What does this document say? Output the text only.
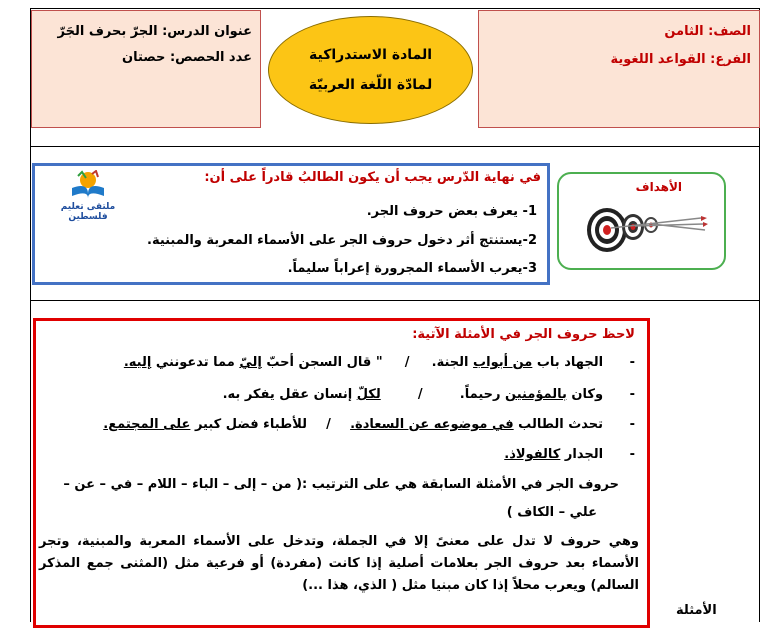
الصف: الثامن
الفرع: القواعد اللغوية
المادة الاستدراكية
لمادّة اللّغة العربيّة
عنوان الدرس: الجرّ بحرف الجَرّ
عدد الحصص: حصتان
الأهداف
ملتقى تعليم فلسطين
في نهاية الدّرس يجب أن يكون الطالبُ قادراً على أن:
1- يعرف بعض حروف الجر.
2-يستنتج أثر دخول حروف الجر على الأسماء المعربة والمبنية.
3-يعرب الأسماء المجرورة إعراباً سليماً.
لاحظ حروف الجر في الأمثلة الآتية:
- الجهاد باب من أبواب الجنة. / " قال السجن أحبّ إليّ مما تدعونني إليه.
- وكان بالمؤمنين رحيماً. / لكلّ إنسان عقل يفكر به.
- تحدث الطالب في موضوعه عن السعادة. / للأطباء فضل كبير على المجتمع.
- الجدار كالفولاذ.
حروف الجر في الأمثلة السابقة هي على الترتيب :( من – إلى – الباء – اللام – في – عن –
علي – الكاف )
وهي حروف لا تدل على معنىً إلا في الجملة، وتدخل على الأسماء المعربة والمبنية، وتجر الأسماء بعد حروف الجر بعلامات أصلية إذا كانت (مفردة) أو فرعية مثل (المثنى جمع المذكر السالم) ويعرب محلاً إذا كان مبنيا مثل ( الذي، هذا ...)
الأمثلة
